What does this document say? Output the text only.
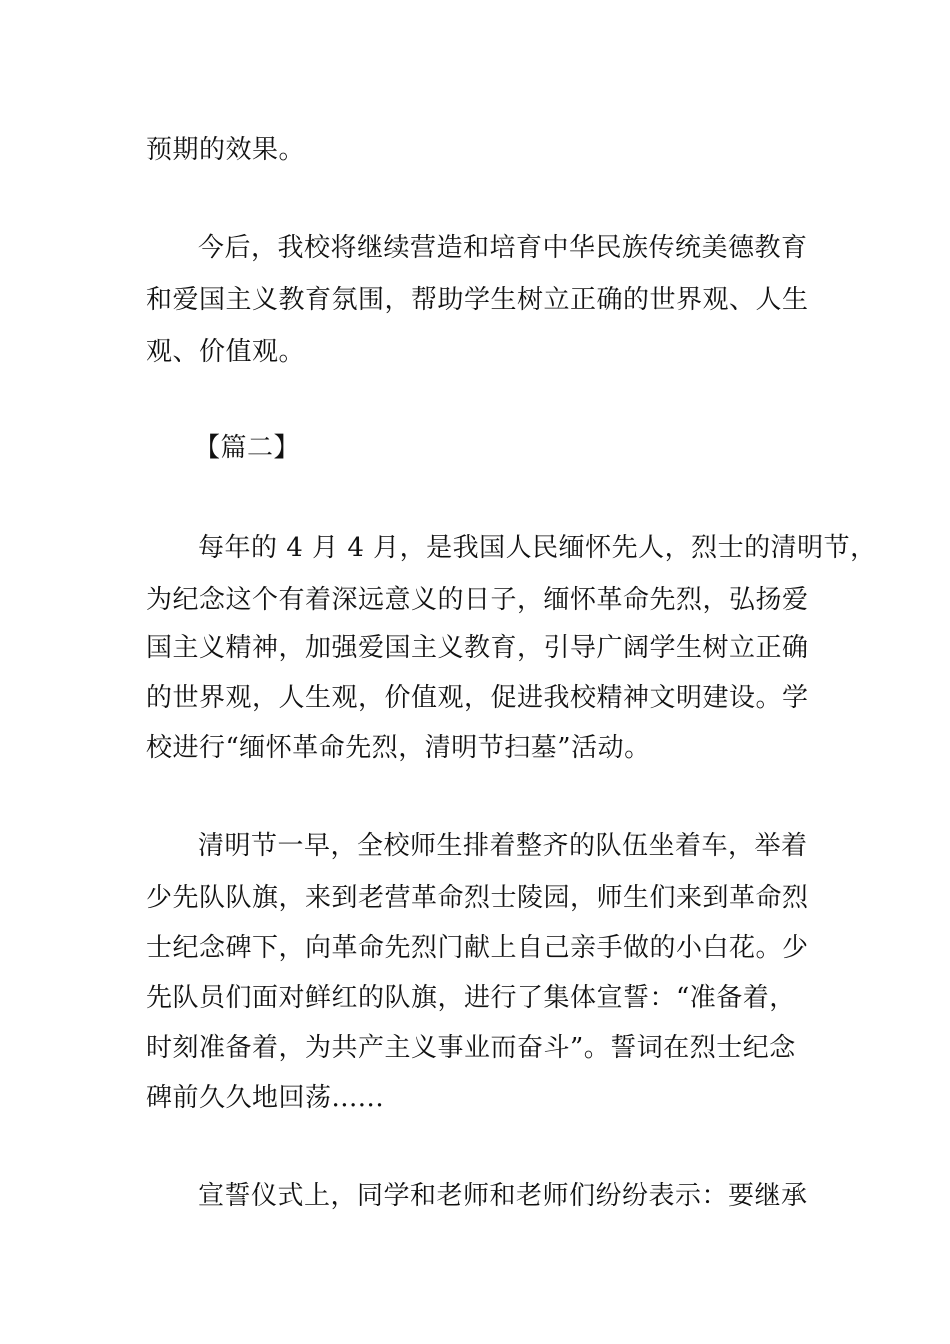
预期的效果。
今后，我校将继续营造和培育中华民族传统美德教育
和爱国主义教育氛围，帮助学生树立正确的世界观、人生
观、价值观。
【篇二】
每年的 4 月 4 月，是我国人民缅怀先人，烈士的清明节，
为纪念这个有着深远意义的日子，缅怀革命先烈，弘扬爱
国主义精神，加强爱国主义教育，引导广阔学生树立正确
的世界观，人生观，价值观，促进我校精神文明建设。学
校进行“缅怀革命先烈，清明节扫墓”活动。
清明节一早，全校师生排着整齐的队伍坐着车，举着
少先队队旗，来到老营革命烈士陵园，师生们来到革命烈
士纪念碑下，向革命先烈门献上自己亲手做的小白花。少
先队员们面对鲜红的队旗，进行了集体宣誓：“准备着，
时刻准备着，为共产主义事业而奋斗”。誓词在烈士纪念
碑前久久地回荡......
宣誓仪式上，同学和老师和老师们纷纷表示：要继承
